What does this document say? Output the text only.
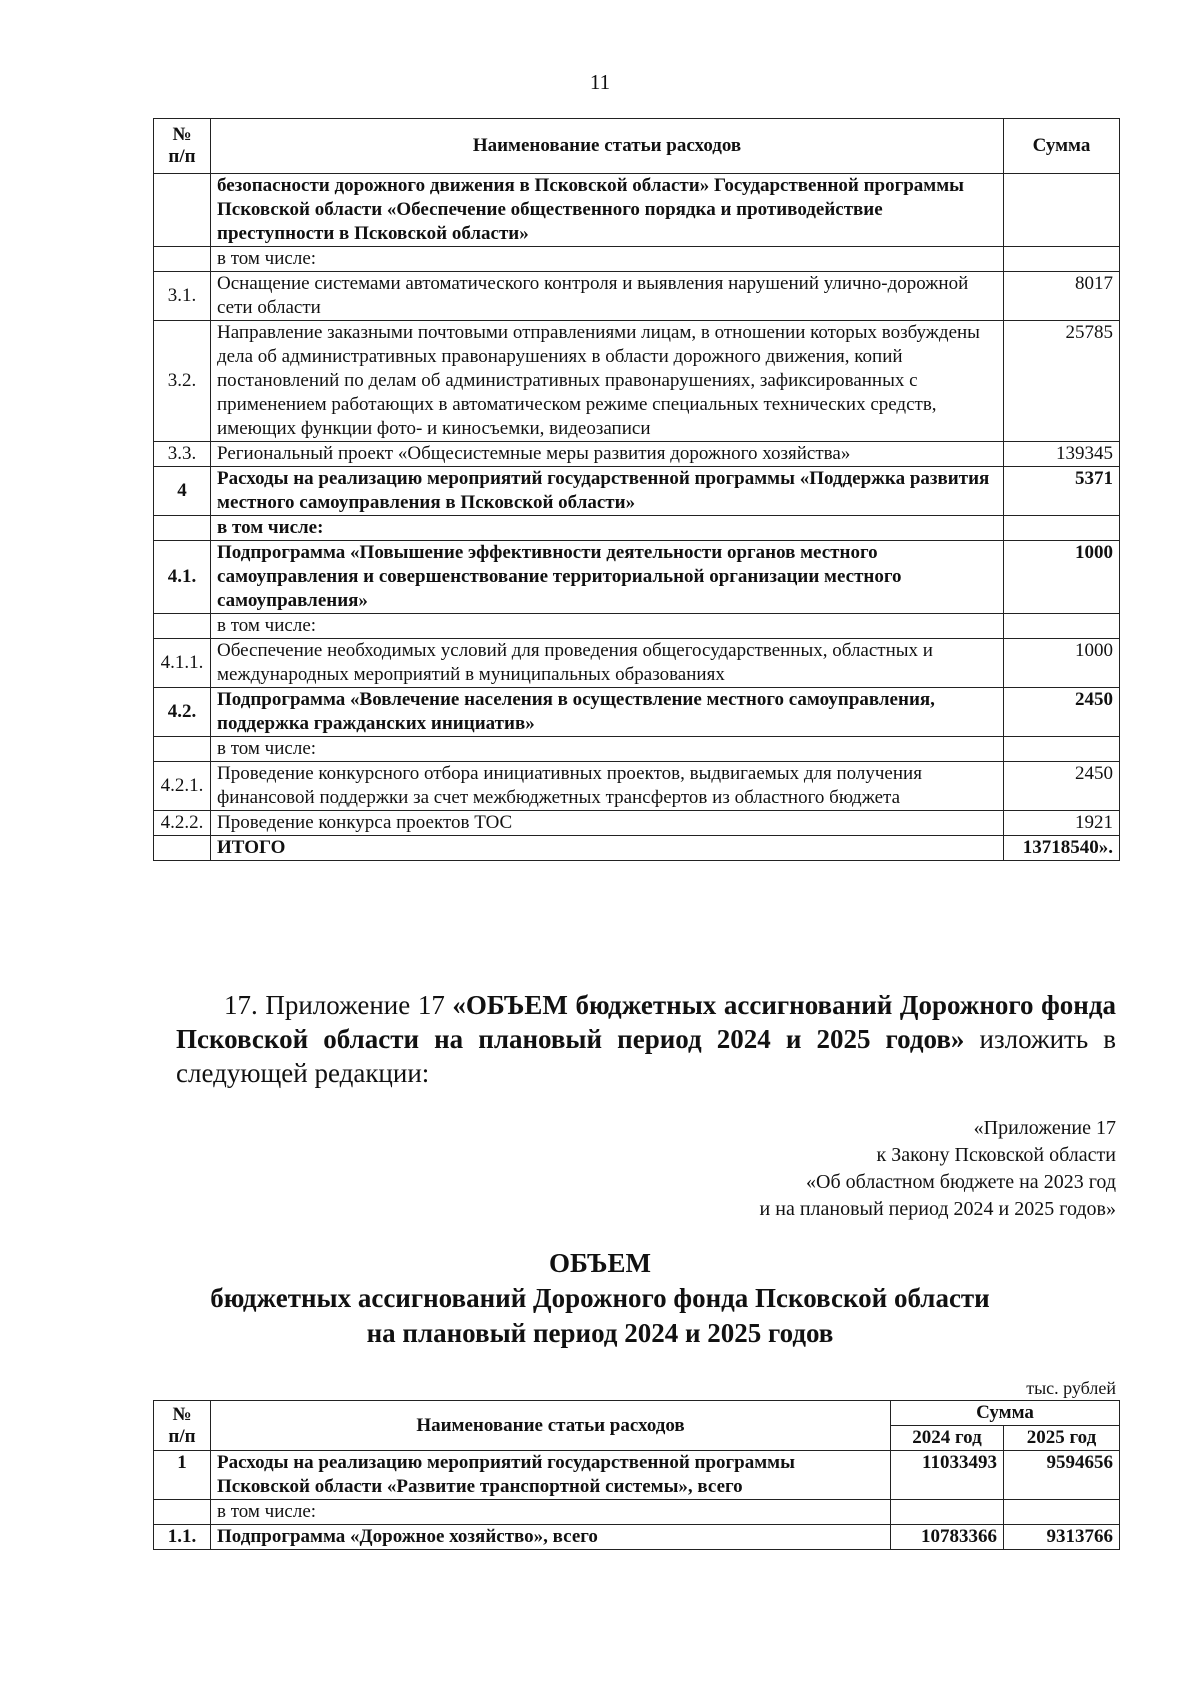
11
№
п/п	Наименование статьи расходов	Сумма
	безопасности дорожного движения в Псковской области» Государственной программы Псковской области «Обеспечение общественного порядка и противодействие преступности в Псковской области»	
	в том числе:	
3.1.	Оснащение системами автоматического контроля и выявления нарушений улично-дорожной сети области	8017
3.2.	Направление заказными почтовыми отправлениями лицам, в отношении которых возбуждены дела об административных правонарушениях в области дорожного движения, копий постановлений по делам об административных правонарушениях, зафиксированных с применением работающих в автоматическом режиме специальных технических средств, имеющих функции фото- и киносъемки, видеозаписи	25785
3.3.	Региональный проект «Общесистемные меры развития дорожного хозяйства»	139345
4	Расходы на реализацию мероприятий государственной программы «Поддержка развития местного самоуправления в Псковской области»	5371
	в том числе:	
4.1.	Подпрограмма «Повышение эффективности деятельности органов местного самоуправления и совершенствование территориальной организации местного самоуправления»	1000
	в том числе:	
4.1.1.	Обеспечение необходимых условий для проведения общегосударственных, областных и международных мероприятий в муниципальных образованиях	1000
4.2.	Подпрограмма «Вовлечение населения в осуществление местного самоуправления, поддержка гражданских инициатив»	2450
	в том числе:	
4.2.1.	Проведение конкурсного отбора инициативных проектов, выдвигаемых для получения финансовой поддержки за счет межбюджетных трансфертов из областного бюджета	2450
4.2.2.	Проведение конкурса проектов ТОС	1921
	ИТОГО	13718540».
17. Приложение 17 «ОБЪЕМ бюджетных ассигнований Дорожного фонда Псковской области на плановый период 2024 и 2025 годов» изложить в следующей редакции:
«Приложение 17
к Закону Псковской области
«Об областном бюджете на 2023 год
и на плановый период 2024 и 2025 годов»
ОБЪЕМ
бюджетных ассигнований Дорожного фонда Псковской области
на плановый период 2024 и 2025 годов
тыс. рублей
№
п/п	Наименование статьи расходов	Сумма	
		2024 год	2025 год
1	Расходы на реализацию мероприятий государственной программы Псковской области «Развитие транспортной системы», всего	11033493	9594656
	в том числе:		
1.1.	Подпрограмма «Дорожное хозяйство», всего	10783366	9313766
